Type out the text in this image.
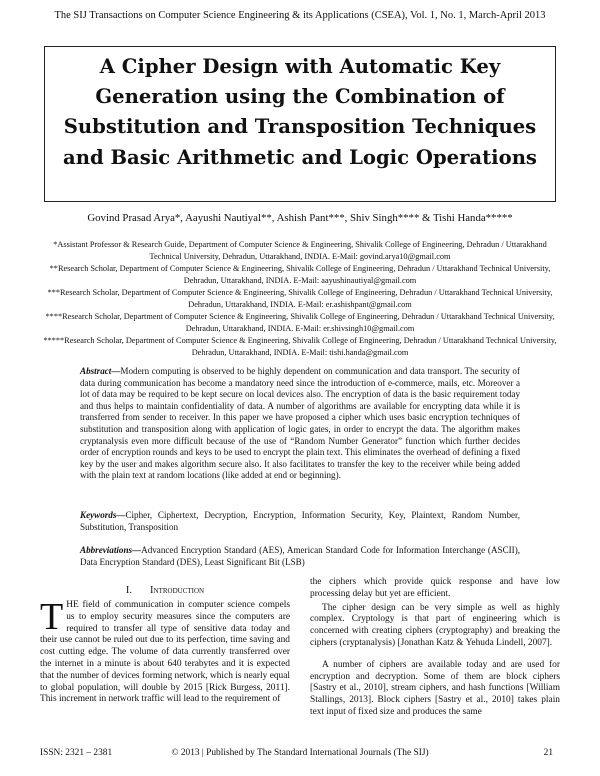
The SIJ Transactions on Computer Science Engineering & its Applications (CSEA), Vol. 1, No. 1, March-April 2013
A Cipher Design with Automatic Key Generation using the Combination of Substitution and Transposition Techniques and Basic Arithmetic and Logic Operations
Govind Prasad Arya*, Aayushi Nautiyal**, Ashish Pant***, Shiv Singh**** & Tishi Handa*****
*Assistant Professor & Research Guide, Department of Computer Science & Engineering, Shivalik College of Engineering, Dehradun / Uttarakhand Technical University, Dehradun, Uttarakhand, INDIA. E-Mail: govind.arya10@gmail.com
**Research Scholar, Department of Computer Science & Engineering, Shivalik College of Engineering, Dehradun / Uttarakhand Technical University, Dehradun, Uttarakhand, INDIA. E-Mail: aayushinautiyal@gmail.com
***Research Scholar, Department of Computer Science & Engineering, Shivalik College of Engineering, Dehradun / Uttarakhand Technical University, Dehradun, Uttarakhand, INDIA. E-Mail: er.ashishpant@gmail.com
****Research Scholar, Department of Computer Science & Engineering, Shivalik College of Engineering, Dehradun / Uttarakhand Technical University, Dehradun, Uttarakhand, INDIA. E-Mail: er.shivsingh10@gmail.com
*****Research Scholar, Department of Computer Science & Engineering, Shivalik College of Engineering, Dehradun / Uttarakhand Technical University, Dehradun, Uttarakhand, INDIA. E-Mail: tishi.handa@gmail.com
Abstract—Modern computing is observed to be highly dependent on communication and data transport. The security of data during communication has become a mandatory need since the introduction of e-commerce, mails, etc. Moreover a lot of data may be required to be kept secure on local devices also. The encryption of data is the basic requirement today and thus helps to maintain confidentiality of data. A number of algorithms are available for encrypting data while it is transferred from sender to receiver. In this paper we have proposed a cipher which uses basic encryption techniques of substitution and transposition along with application of logic gates, in order to encrypt the data. The algorithm makes cryptanalysis even more difficult because of the use of “Random Number Generator” function which further decides order of encryption rounds and keys to be used to encrypt the plain text. This eliminates the overhead of defining a fixed key by the user and makes algorithm secure also. It also facilitates to transfer the key to the receiver while being added with the plain text at random locations (like added at end or beginning).
Keywords—Cipher, Ciphertext, Decryption, Encryption, Information Security, Key, Plaintext, Random Number, Substitution, Transposition
Abbreviations—Advanced Encryption Standard (AES), American Standard Code for Information Interchange (ASCII), Data Encryption Standard (DES), Least Significant Bit (LSB)
I. Introduction

THE field of communication in computer science compels us to employ security measures since the computers are required to transfer all type of sensitive data today and their use cannot be ruled out due to its perfection, time saving and cost cutting edge. The volume of data currently transferred over the internet in a minute is about 640 terabytes and it is expected that the number of devices forming network, which is nearly equal to global population, will double by 2015 [Rick Burgess, 2011]. This increment in network traffic will lead to the requirement of

the ciphers which provide quick response and have low processing delay but yet are efficient.

The cipher design can be very simple as well as highly complex. Cryptology is that part of engineering which is concerned with creating ciphers (cryptography) and breaking the ciphers (cryptanalysis) [Jonathan Katz & Yehuda Lindell, 2007].

A number of ciphers are available today and are used for encryption and decryption. Some of them are block ciphers [Sastry et al., 2010], stream ciphers, and hash functions [William Stallings, 2013]. Block ciphers [Sastry et al., 2010] takes plain text input of fixed size and produces the same

ISSN: 2321 – 2381	© 2013 | Published by The Standard International Journals (The SIJ)	21
